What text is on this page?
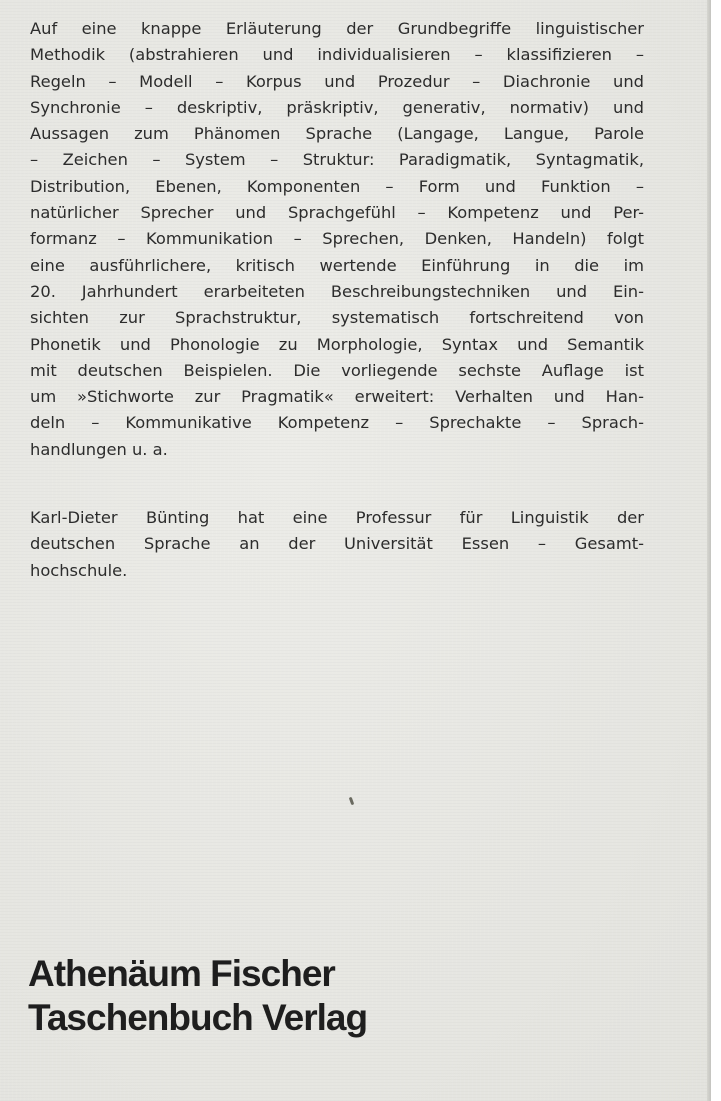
Auf eine knappe Erläuterung der Grundbegriffe linguistischer
Methodik (abstrahieren und individualisieren – klassifizieren –
Regeln – Modell – Korpus und Prozedur – Diachronie und
Synchronie – deskriptiv, präskriptiv, generativ, normativ) und
Aussagen zum Phänomen Sprache (Langage, Langue, Parole
– Zeichen – System – Struktur: Paradigmatik, Syntagmatik,
Distribution, Ebenen, Komponenten – Form und Funktion –
natürlicher Sprecher und Sprachgefühl – Kompetenz und Per-
formanz – Kommunikation – Sprechen, Denken, Handeln) folgt
eine ausführlichere, kritisch wertende Einführung in die im
20. Jahrhundert erarbeiteten Beschreibungstechniken und Ein-
sichten zur Sprachstruktur, systematisch fortschreitend von
Phonetik und Phonologie zu Morphologie, Syntax und Semantik
mit deutschen Beispielen. Die vorliegende sechste Auflage ist
um »Stichworte zur Pragmatik« erweitert: Verhalten und Han-
deln – Kommunikative Kompetenz – Sprechakte – Sprach-
handlungen u. a.

Karl-Dieter Bünting hat eine Professur für Linguistik der
deutschen Sprache an der Universität Essen – Gesamt-
hochschule.

Athenäum Fischer
Taschenbuch Verlag
